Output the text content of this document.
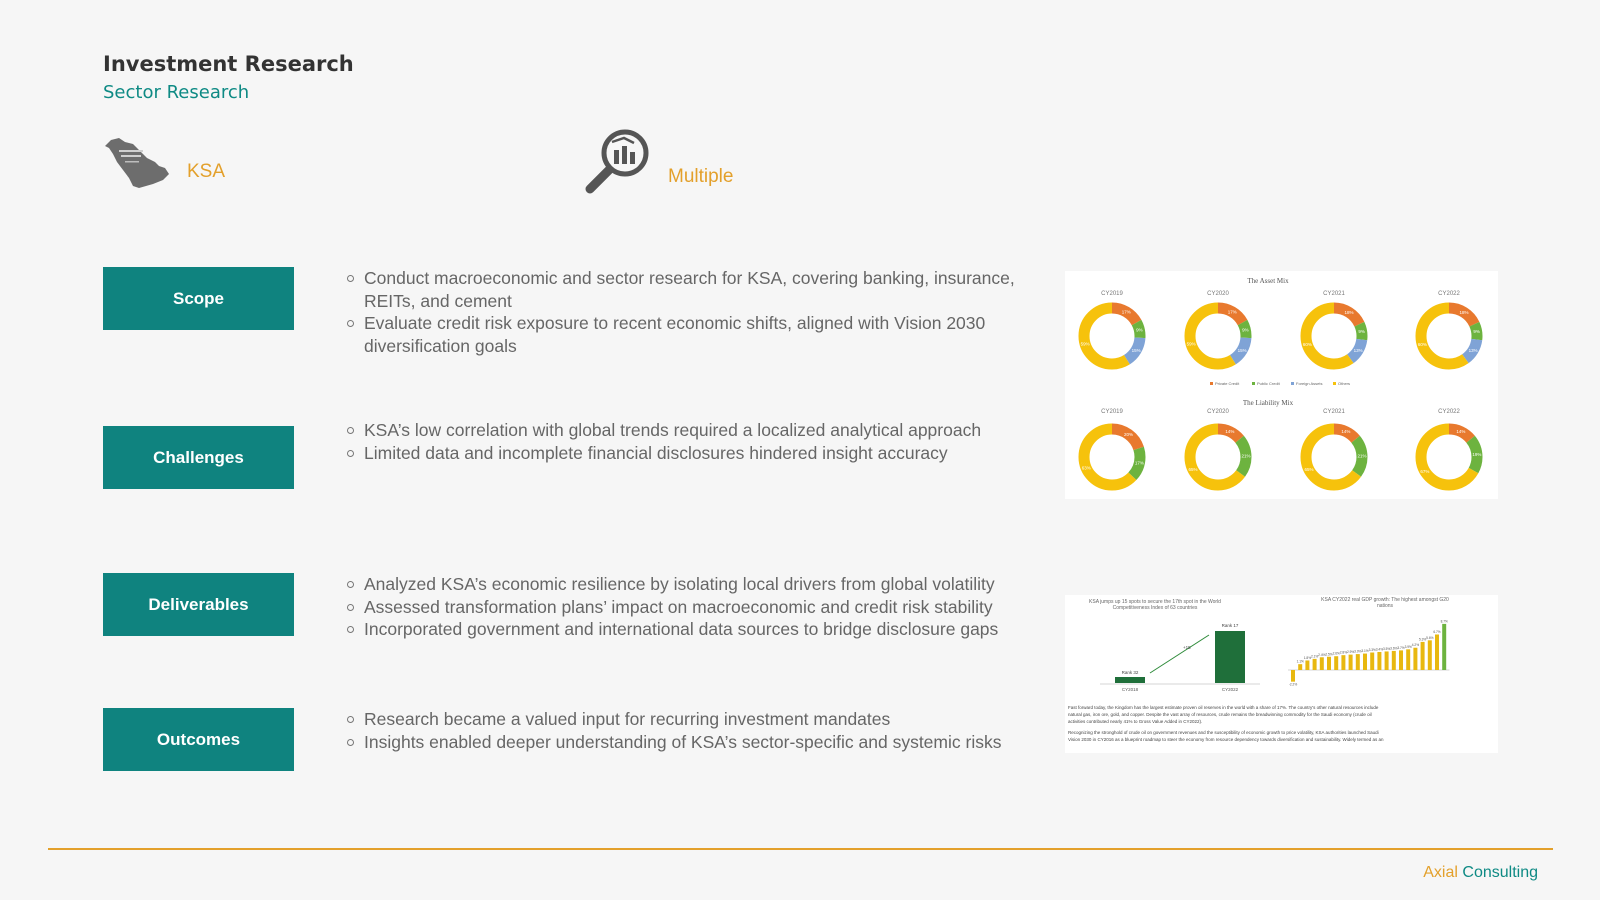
Investment Research
Sector Research
KSA	Multiple
Scope
Conduct macroeconomic and sector research for KSA, covering banking, insurance, REITs, and cement
Evaluate credit risk exposure to recent economic shifts, aligned with Vision 2030 diversification goals
Challenges
KSA’s low correlation with global trends required a localized analytical approach
Limited data and incomplete financial disclosures hindered insight accuracy
Deliverables
Analyzed KSA’s economic resilience by isolating local drivers from global volatility
Assessed transformation plans’ impact on macroeconomic and credit risk stability
Incorporated government and international data sources to bridge disclosure gaps
Outcomes
Research became a valued input for recurring investment mandates
Insights enabled deeper understanding of KSA’s sector-specific and systemic risks
The Asset Mix
The Liability Mix
CY2019
17%
9%
15%
59%
CY2020
17%
9%
15%
59%
CY2021
18%
9%
13%
60%
CY2022
18%
9%
13%
60%
CY2019
20%
17%
63%
CY2020
14%
21%
65%
CY2021
14%
21%
65%
CY2022
14%
19%
67%
Private Credit	Public Credit	Foreign Assets	Others
KSA jumps up 15 spots to secure the 17th spot in the World
Competitiveness Index of 63 countries
Rank 32
Rank 17
+15
CY2018	CY2022
KSA CY2022 real GDP growth: The highest amongst G20
nations
-2.2%
1.1%
1.8% 2.1% 2.4% 2.5% 2.6% 2.8% 2.9% 3.0% 3.1% 3.3% 3.4% 3.5% 3.6% 3.7% 3.9% 4.2%
5.3% 5.6%
6.7%
8.7%
Fast forward today, the Kingdom has the largest estimate proven oil reserves in the world with a share of 17%. The country's other natural resources include
natural gas, iron ore, gold, and copper. Despite the vast array of resources, crude remains the breadwinning commodity for the Saudi economy (crude oil
activities contributed nearly 41% to Gross Value Added in CY2022).
Recognizing the stronghold of crude oil on government revenues and the susceptibility of economic growth to price volatility, KSA authorities launched Saudi
Vision 2030 in CY2016 as a blueprint roadmap to steer the economy from resource dependency towards diversification and sustainability. Widely termed as an
Axial Consulting
